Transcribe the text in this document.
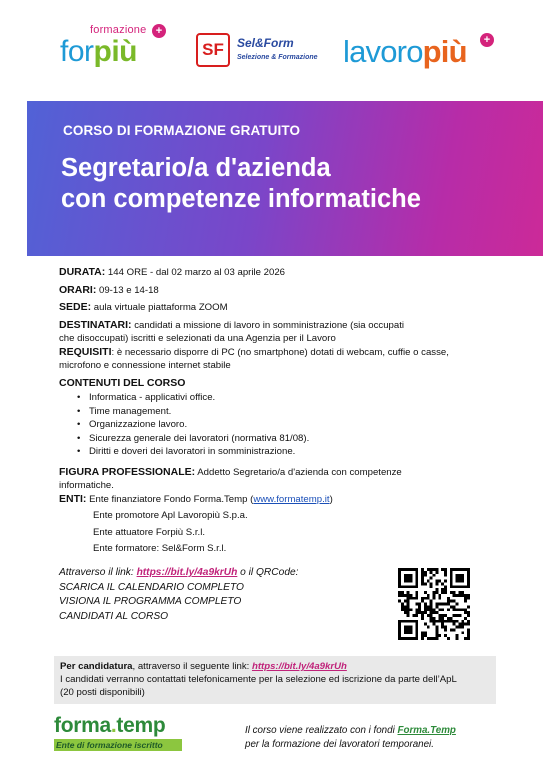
formazione +
forpiù	SF	Sel&Form
Selezione & Formazione lavoropiù	+
CORSO DI FORMAZIONE GRATUITO
Segretario/a d'azienda
con competenze informatiche
DURATA: 144 ORE - dal 02 marzo al 03 aprile 2026
ORARI: 09-13 e 14-18
SEDE: aula virtuale piattaforma ZOOM
DESTINATARI: candidati a missione di lavoro in somministrazione (sia occupati
che disoccupati) iscritti e selezionati da una Agenzia per il Lavoro
REQUISITI: è necessario disporre di PC (no smartphone) dotati di webcam, cuffie o casse,
microfono e connessione internet stabile
CONTENUTI DEL CORSO
• Informatica - applicativi office.
• Time management.
• Organizzazione lavoro.
• Sicurezza generale dei lavoratori (normativa 81/08).
• Diritti e doveri dei lavoratori in somministrazione.
FIGURA PROFESSIONALE: Addetto Segretario/a d'azienda con competenze
informatiche.
ENTI: Ente finanziatore Fondo Forma.Temp (www.formatemp.it)
Ente promotore Apl Lavoropiù S.p.a.
Ente attuatore Forpiù S.r.l.
Ente formatore: Sel&Form S.r.l.
Attraverso il link: https://bit.ly/4a9krUh o il QRCode:
SCARICA IL CALENDARIO COMPLETO
VISIONA IL PROGRAMMA COMPLETO
CANDIDATI AL CORSO
Per candidatura, attraverso il seguente link: https://bit.ly/4a9krUh
I candidati verranno contattati telefonicamente per la selezione ed iscrizione da parte dell’ApL
(20 posti disponibili)
forma.temp
Ente di formazione iscritto
Il corso viene realizzato con i fondi Forma.Temp
per la formazione dei lavoratori temporanei.
